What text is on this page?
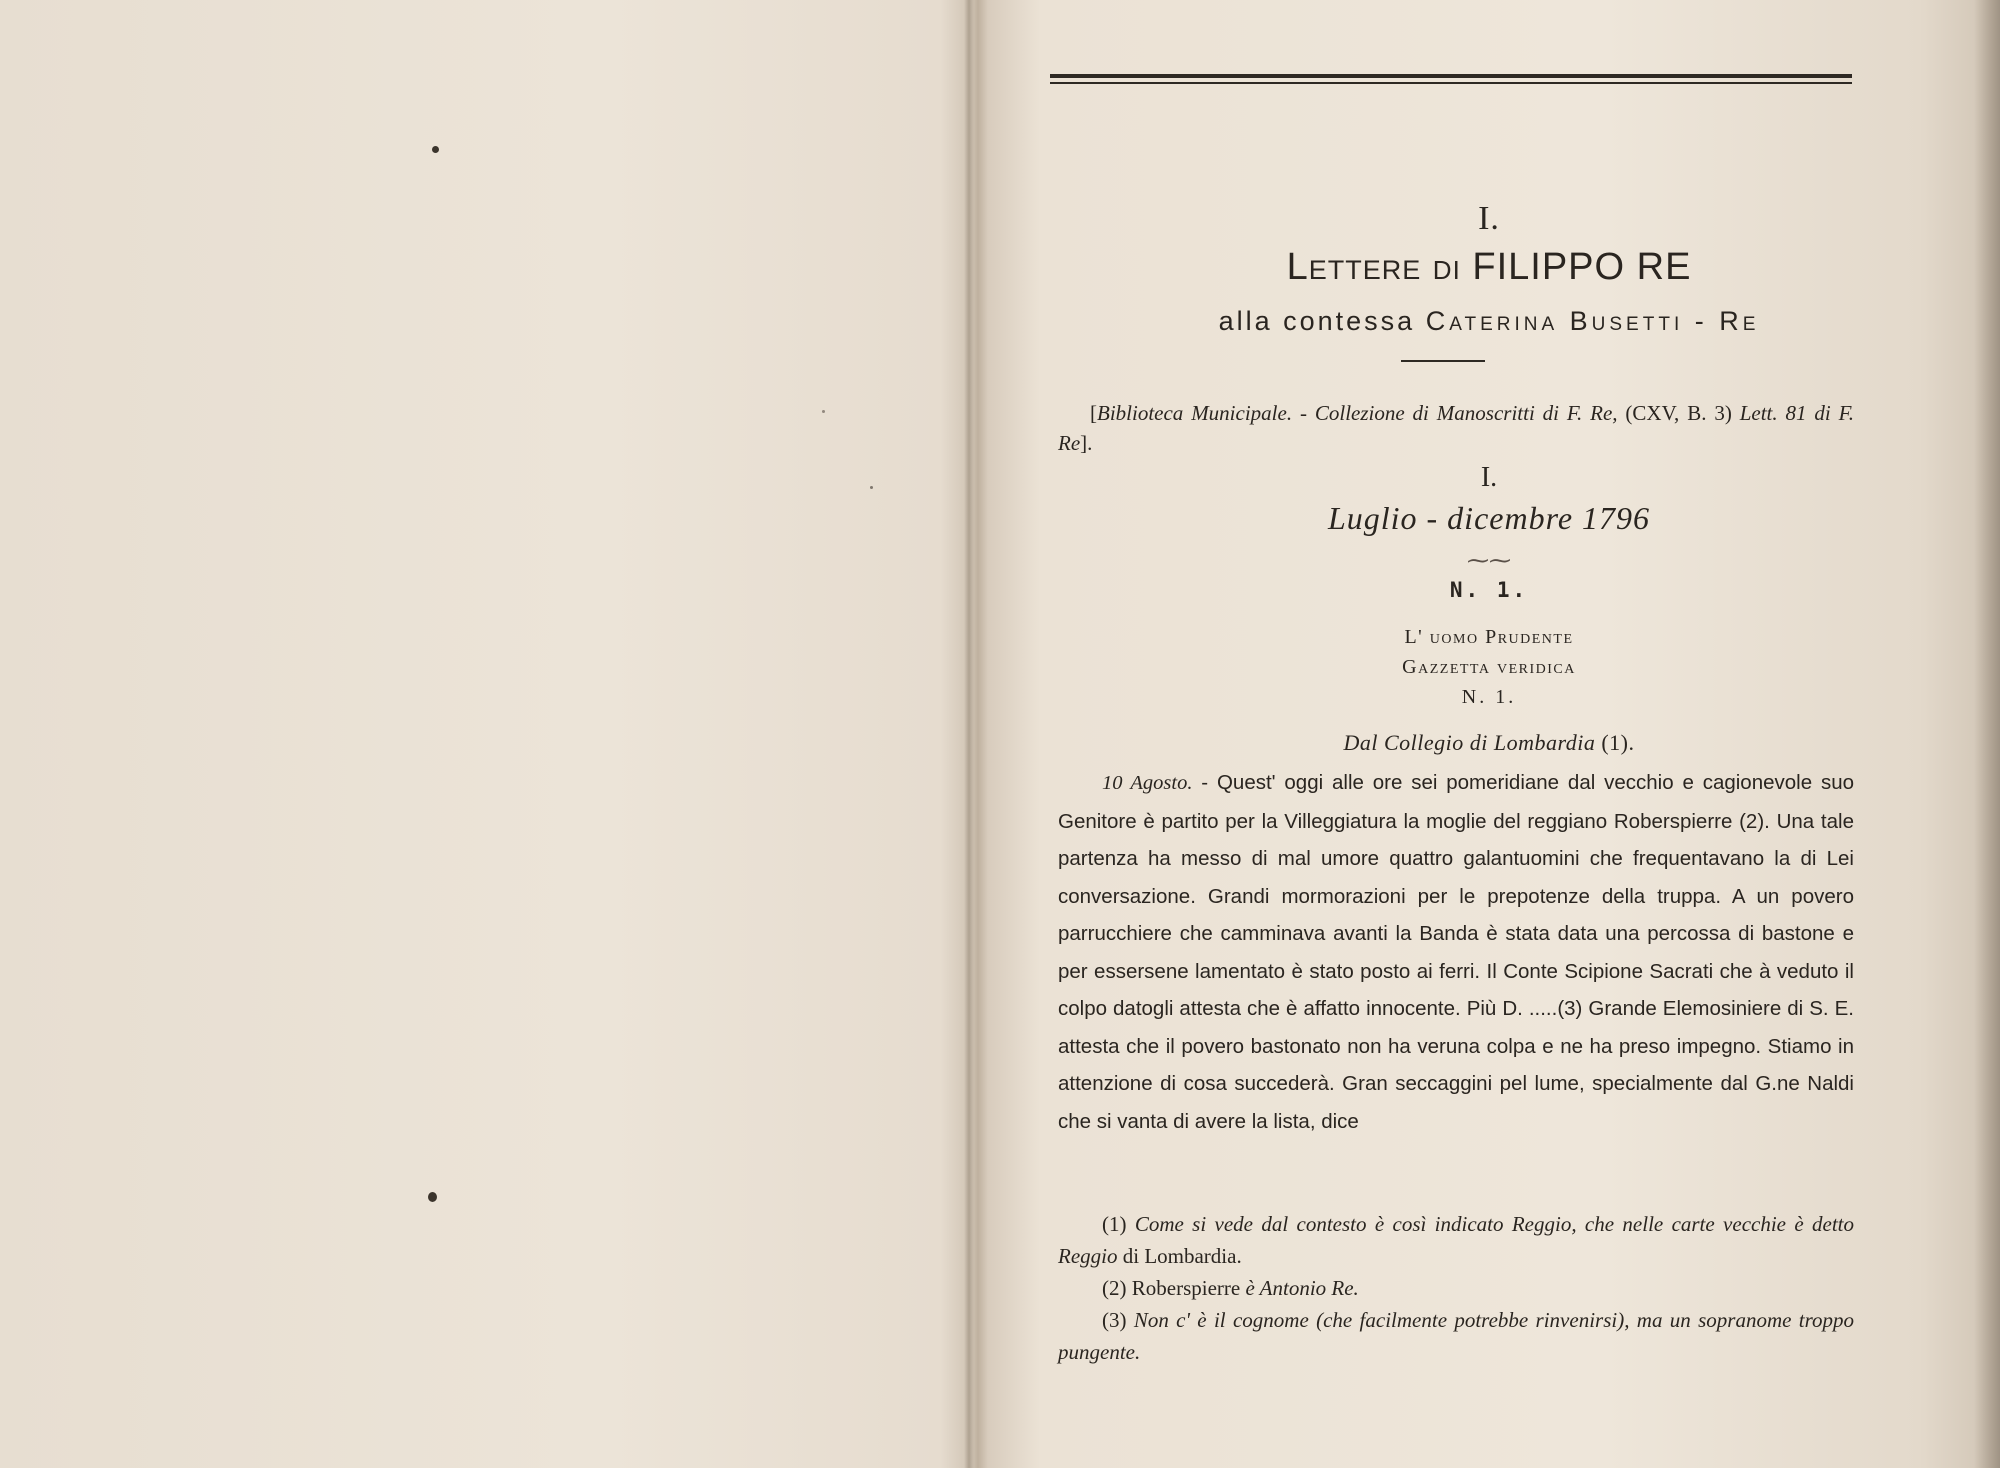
I.
Lettere DI FILIPPO RE
alla contessa Caterina Busetti - Re
[Biblioteca Municipale. - Collezione di Manoscritti di F. Re, (CXV, B. 3) Lett. 81 di F. Re].
I.
Luglio - dicembre 1796
⁓⁓
N. 1.
L' uomo Prudente
Gazzetta veridica
N. 1.
Dal Collegio di Lombardia (1).
10 Agosto. - Quest' oggi alle ore sei pomeridiane dal vecchio e cagionevole suo Genitore è partito per la Villeggiatura la moglie del reggiano Roberspierre (2). Una tale partenza ha messo di mal umore quattro galantuomini che frequentavano la di Lei conversazione. Grandi mormorazioni per le prepotenze della truppa. A un povero parrucchiere che camminava avanti la Banda è stata data una percossa di bastone e per essersene lamentato è stato posto ai ferri. Il Conte Scipione Sacrati che à veduto il colpo datogli attesta che è affatto innocente. Più D. .....(3) Grande Elemosiniere di S. E. attesta che il povero bastonato non ha veruna colpa e ne ha preso impegno. Stiamo in attenzione di cosa succederà. Gran seccaggini pel lume, specialmente dal G.ne Naldi che si vanta di avere la lista, dice
(1) Come si vede dal contesto è così indicato Reggio, che nelle carte vecchie è detto Reggio di Lombardia.
(2) Roberspierre è Antonio Re.
(3) Non c' è il cognome (che facilmente potrebbe rinvenirsi), ma un sopranome troppo pungente.
